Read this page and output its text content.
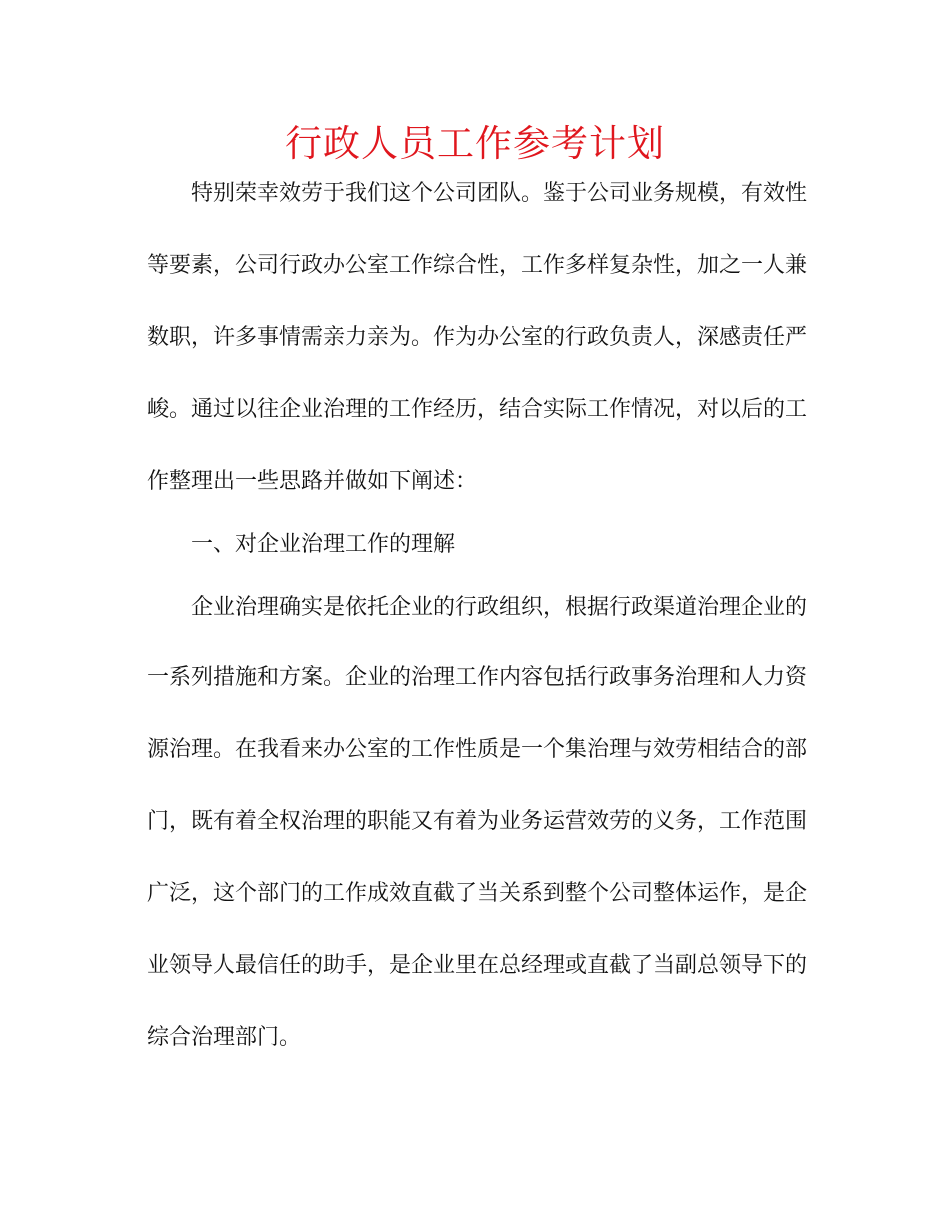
行政人员工作参考计划

特别荣幸效劳于我们这个公司团队。鉴于公司业务规模，有效性

等要素，公司行政办公室工作综合性，工作多样复杂性，加之一人兼

数职，许多事情需亲力亲为。作为办公室的行政负责人，深感责任严

峻。通过以往企业治理的工作经历，结合实际工作情况，对以后的工

作整理出一些思路并做如下阐述：

一、对企业治理工作的理解

企业治理确实是依托企业的行政组织，根据行政渠道治理企业的

一系列措施和方案。企业的治理工作内容包括行政事务治理和人力资

源治理。在我看来办公室的工作性质是一个集治理与效劳相结合的部

门，既有着全权治理的职能又有着为业务运营效劳的义务，工作范围

广泛，这个部门的工作成效直截了当关系到整个公司整体运作，是企

业领导人最信任的助手，是企业里在总经理或直截了当副总领导下的

综合治理部门。
